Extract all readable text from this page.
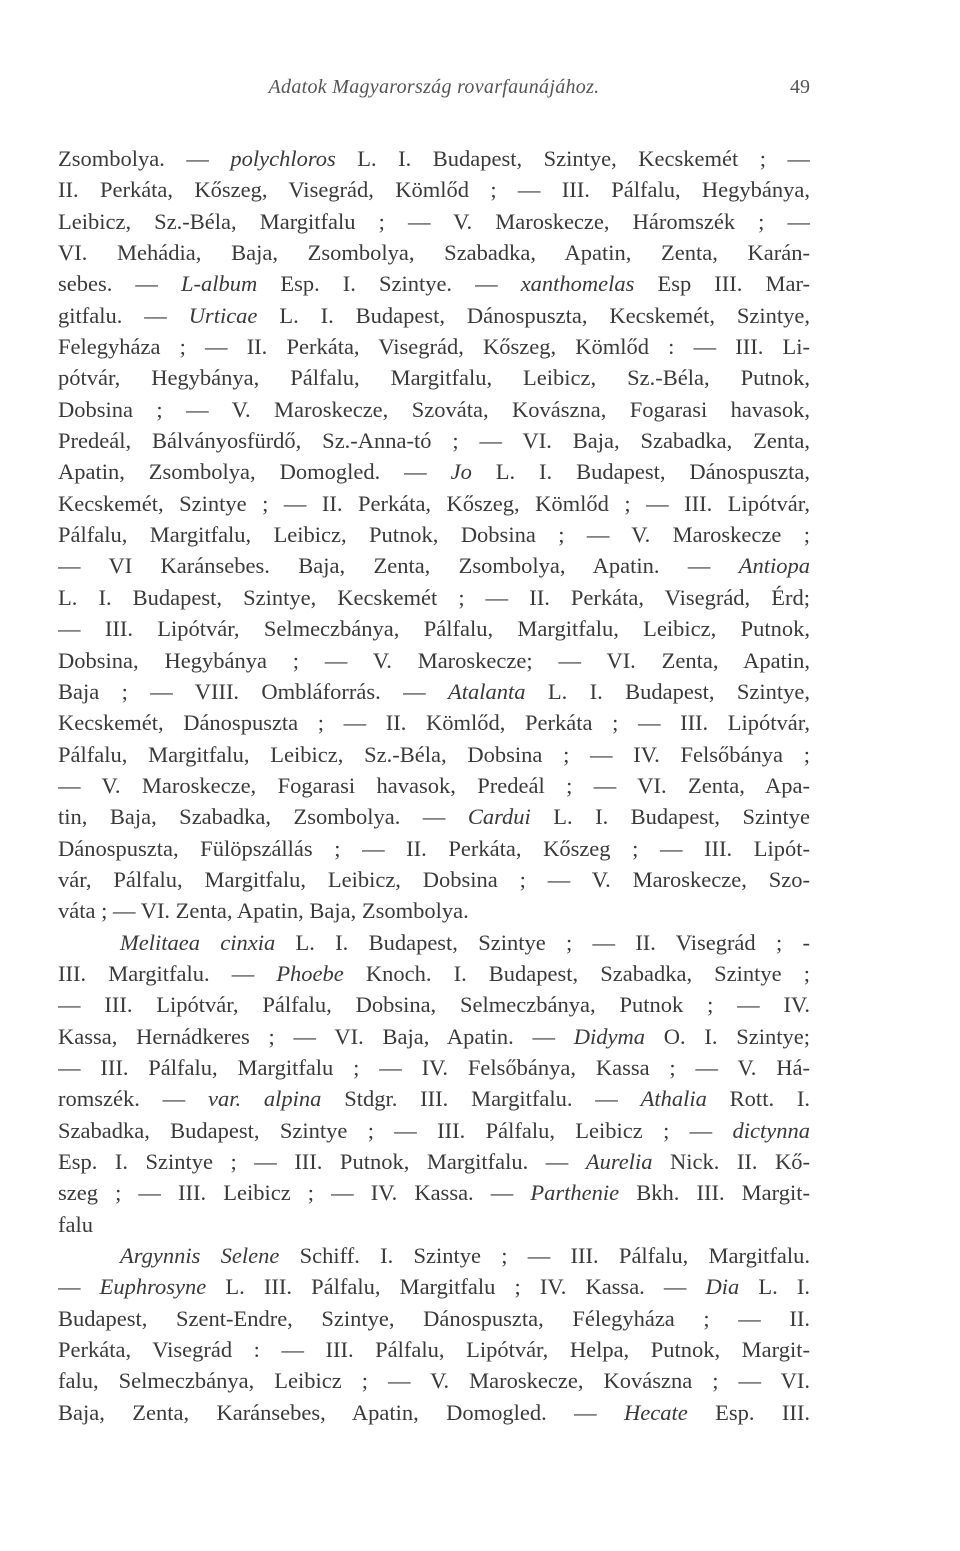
Adatok Magyarország rovarfaunájához.	49
Zsombolya. — polychloros L. I. Budapest, Szintye, Kecskemét ; —
II. Perkáta, Kőszeg, Visegrád, Kömlőd ; — III. Pálfalu, Hegybánya,
Leibicz, Sz.-Béla, Margitfalu ; — V. Maroskecze, Háromszék ; —
VI. Mehádia, Baja, Zsombolya, Szabadka, Apatin, Zenta, Karán-
sebes. — L-album Esp. I. Szintye. — xanthomelas Esp III. Mar-
gitfalu. — Urticae L. I. Budapest, Dánospuszta, Kecskemét, Szintye,
Felegyháza ; — II. Perkáta, Visegrád, Kőszeg, Kömlőd : — III. Li-
pótvár, Hegybánya, Pálfalu, Margitfalu, Leibicz, Sz.-Béla, Putnok,
Dobsina ; — V. Maroskecze, Szováta, Kovászna, Fogarasi havasok,
Predeál, Bálványosfürdő, Sz.-Anna-tó ; — VI. Baja, Szabadka, Zenta,
Apatin, Zsombolya, Domogled. — Jo L. I. Budapest, Dánospuszta,
Kecskemét, Szintye ; — II. Perkáta, Kőszeg, Kömlőd ; — III. Lipótvár,
Pálfalu, Margitfalu, Leibicz, Putnok, Dobsina ; — V. Maroskecze ;
— VI Karánsebes. Baja, Zenta, Zsombolya, Apatin. — Antiopa
L. I. Budapest, Szintye, Kecskemét ; — II. Perkáta, Visegrád, Érd;
— III. Lipótvár, Selmeczbánya, Pálfalu, Margitfalu, Leibicz, Putnok,
Dobsina, Hegybánya ; — V. Maroskecze; — VI. Zenta, Apatin,
Baja ; — VIII. Ombláforrás. — Atalanta L. I. Budapest, Szintye,
Kecskemét, Dánospuszta ; — II. Kömlőd, Perkáta ; — III. Lipótvár,
Pálfalu, Margitfalu, Leibicz, Sz.-Béla, Dobsina ; — IV. Felsőbánya ;
— V. Maroskecze, Fogarasi havasok, Predeál ; — VI. Zenta, Apa-
tin, Baja, Szabadka, Zsombolya. — Cardui L. I. Budapest, Szintye
Dánospuszta, Fülöpszállás ; — II. Perkáta, Kőszeg ; — III. Lipót-
vár, Pálfalu, Margitfalu, Leibicz, Dobsina ; — V. Maroskecze, Szo-
váta ; — VI. Zenta, Apatin, Baja, Zsombolya.
Melitaea cinxia L. I. Budapest, Szintye ; — II. Visegrád ; -
III. Margitfalu. — Phoebe Knoch. I. Budapest, Szabadka, Szintye ;
— III. Lipótvár, Pálfalu, Dobsina, Selmeczbánya, Putnok ; — IV.
Kassa, Hernádkeres ; — VI. Baja, Apatin. — Didyma O. I. Szintye;
— III. Pálfalu, Margitfalu ; — IV. Felsőbánya, Kassa ; — V. Há-
romszék. — var. alpina Stdgr. III. Margitfalu. — Athalia Rott. I.
Szabadka, Budapest, Szintye ; — III. Pálfalu, Leibicz ; — dictynna
Esp. I. Szintye ; — III. Putnok, Margitfalu. — Aurelia Nick. II. Kő-
szeg ; — III. Leibicz ; — IV. Kassa. — Parthenie Bkh. III. Margit-
falu
Argynnis Selene Schiff. I. Szintye ; — III. Pálfalu, Margitfalu.
— Euphrosyne L. III. Pálfalu, Margitfalu ; IV. Kassa. — Dia L. I.
Budapest, Szent-Endre, Szintye, Dánospuszta, Félegyháza ; — II.
Perkáta, Visegrád : — III. Pálfalu, Lipótvár, Helpa, Putnok, Margit-
falu, Selmeczbánya, Leibicz ; — V. Maroskecze, Kovászna ; — VI.
Baja, Zenta, Karánsebes, Apatin, Domogled. — Hecate Esp. III.
